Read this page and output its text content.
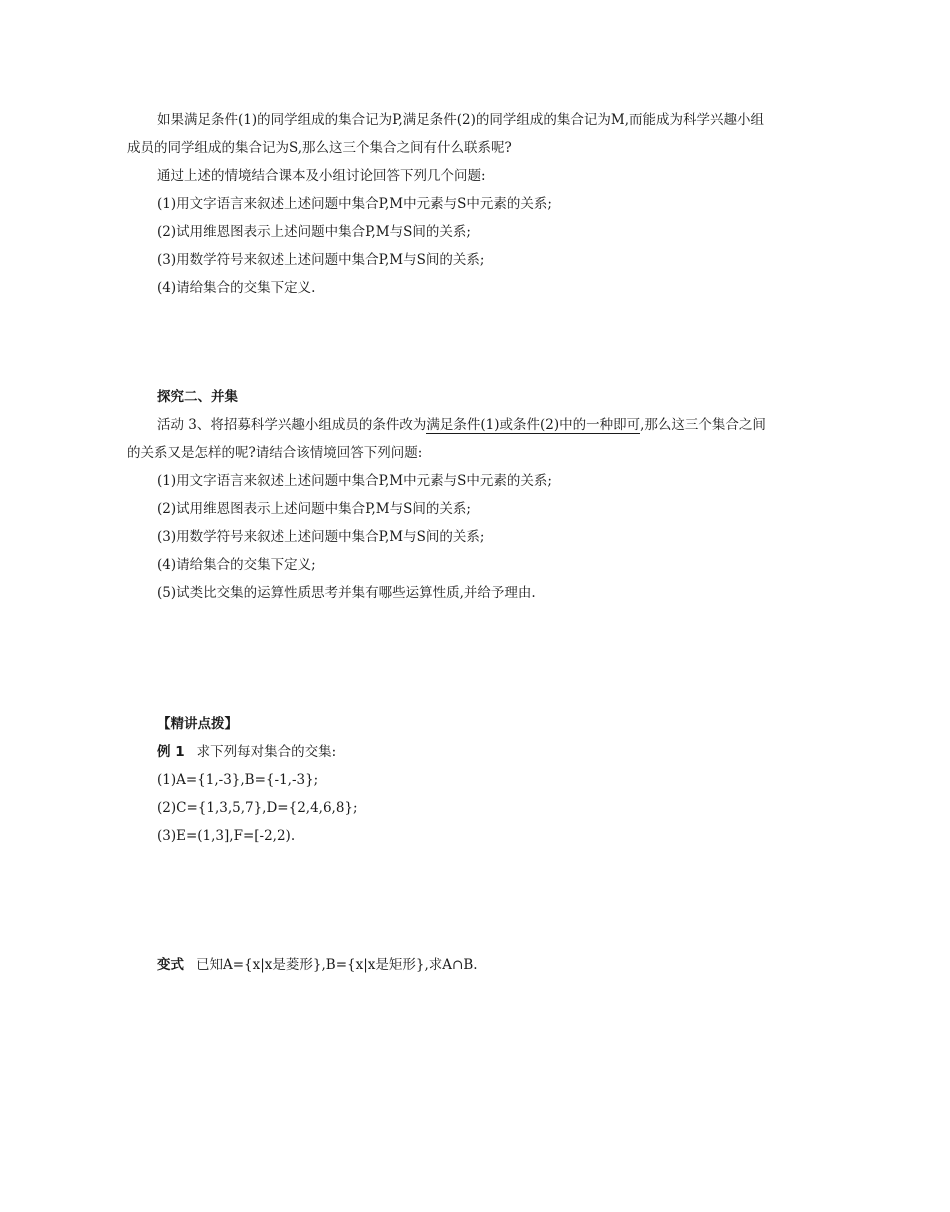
如果满足条件(1)的同学组成的集合记为P,满足条件(2)的同学组成的集合记为M,而能成为科学兴趣小组
成员的同学组成的集合记为S,那么这三个集合之间有什么联系呢?
通过上述的情境结合课本及小组讨论回答下列几个问题:
(1)用文字语言来叙述上述问题中集合P,M中元素与S中元素的关系;
(2)试用维恩图表示上述问题中集合P,M与S间的关系;
(3)用数学符号来叙述上述问题中集合P,M与S间的关系;
(4)请给集合的交集下定义.
探究二、并集
活动 3、将招募科学兴趣小组成员的条件改为满足条件(1)或条件(2)中的一种即可,那么这三个集合之间
的关系又是怎样的呢?请结合该情境回答下列问题:
(1)用文字语言来叙述上述问题中集合P,M中元素与S中元素的关系;
(2)试用维恩图表示上述问题中集合P,M与S间的关系;
(3)用数学符号来叙述上述问题中集合P,M与S间的关系;
(4)请给集合的交集下定义;
(5)试类比交集的运算性质思考并集有哪些运算性质,并给予理由.
【精讲点拨】
例 1 求下列每对集合的交集:
(1)A={1,-3},B={-1,-3};
(2)C={1,3,5,7},D={2,4,6,8};
(3)E=(1,3],F=[-2,2).
变式 已知A={x|x是菱形},B={x|x是矩形},求A∩B.
